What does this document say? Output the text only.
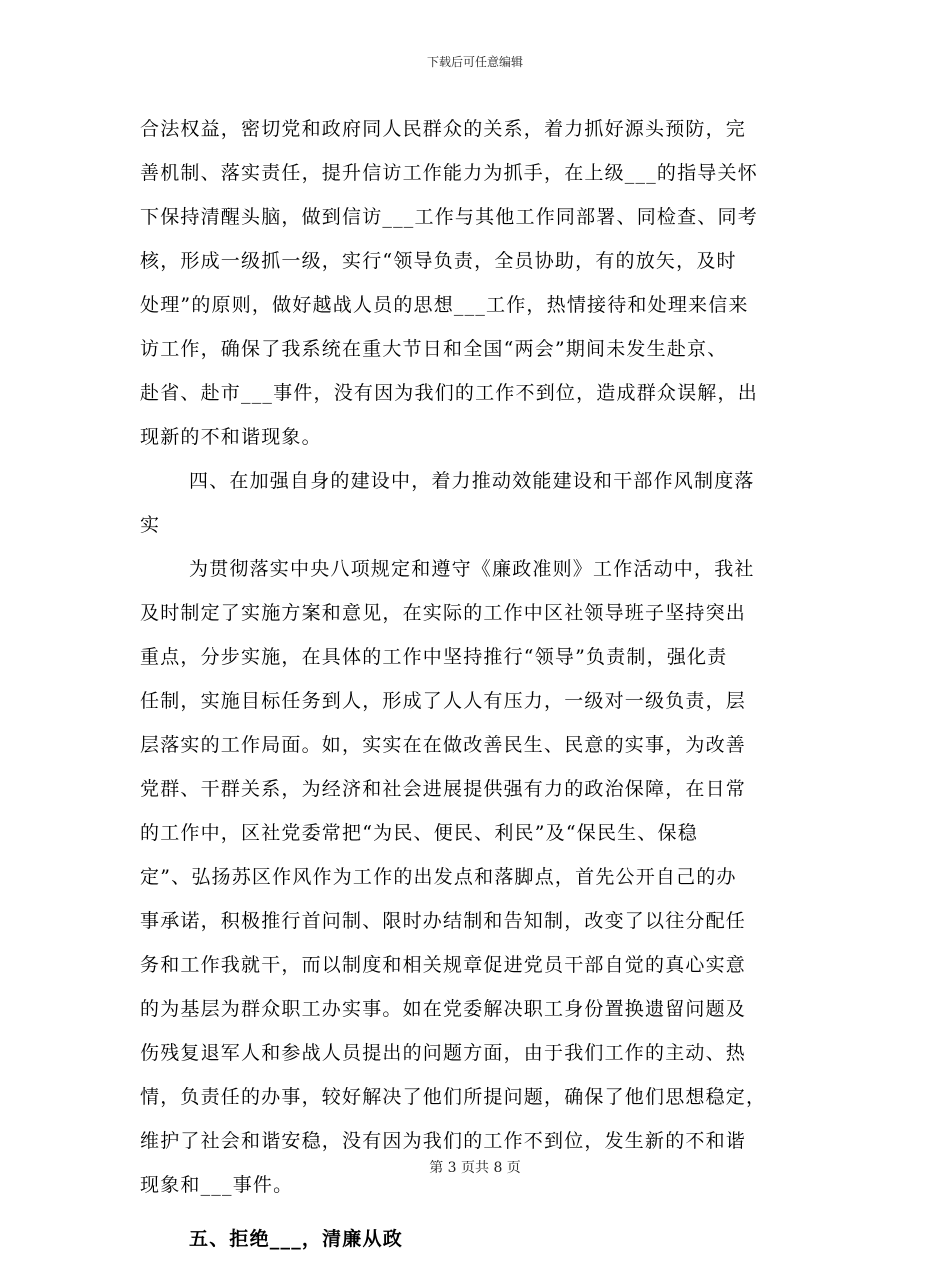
下载后可任意编辑
合法权益，密切党和政府同人民群众的关系，着力抓好源头预防，完
善机制、落实责任，提升信访工作能力为抓手，在上级___的指导关怀
下保持清醒头脑，做到信访___工作与其他工作同部署、同检查、同考
核，形成一级抓一级，实行“领导负责，全员协助，有的放矢，及时
处理”的原则，做好越战人员的思想___工作，热情接待和处理来信来
访工作，确保了我系统在重大节日和全国“两会”期间未发生赴京、
赴省、赴市___事件，没有因为我们的工作不到位，造成群众误解，出
现新的不和谐现象。
四、在加强自身的建设中，着力推动效能建设和干部作风制度落
实
为贯彻落实中央八项规定和遵守《廉政准则》工作活动中，我社
及时制定了实施方案和意见，在实际的工作中区社领导班子坚持突出
重点，分步实施，在具体的工作中坚持推行“领导”负责制，强化责
任制，实施目标任务到人，形成了人人有压力，一级对一级负责，层
层落实的工作局面。如，实实在在做改善民生、民意的实事，为改善
党群、干群关系，为经济和社会进展提供强有力的政治保障，在日常
的工作中，区社党委常把“为民、便民、利民”及“保民生、保稳
定”、弘扬苏区作风作为工作的出发点和落脚点，首先公开自己的办
事承诺，积极推行首问制、限时办结制和告知制，改变了以往分配任
务和工作我就干，而以制度和相关规章促进党员干部自觉的真心实意
的为基层为群众职工办实事。如在党委解决职工身份置换遗留问题及
伤残复退军人和参战人员提出的问题方面，由于我们工作的主动、热
情，负责任的办事，较好解决了他们所提问题，确保了他们思想稳定，
维护了社会和谐安稳，没有因为我们的工作不到位，发生新的不和谐
现象和___事件。
五、拒绝___，清廉从政
第 3 页共 8 页
